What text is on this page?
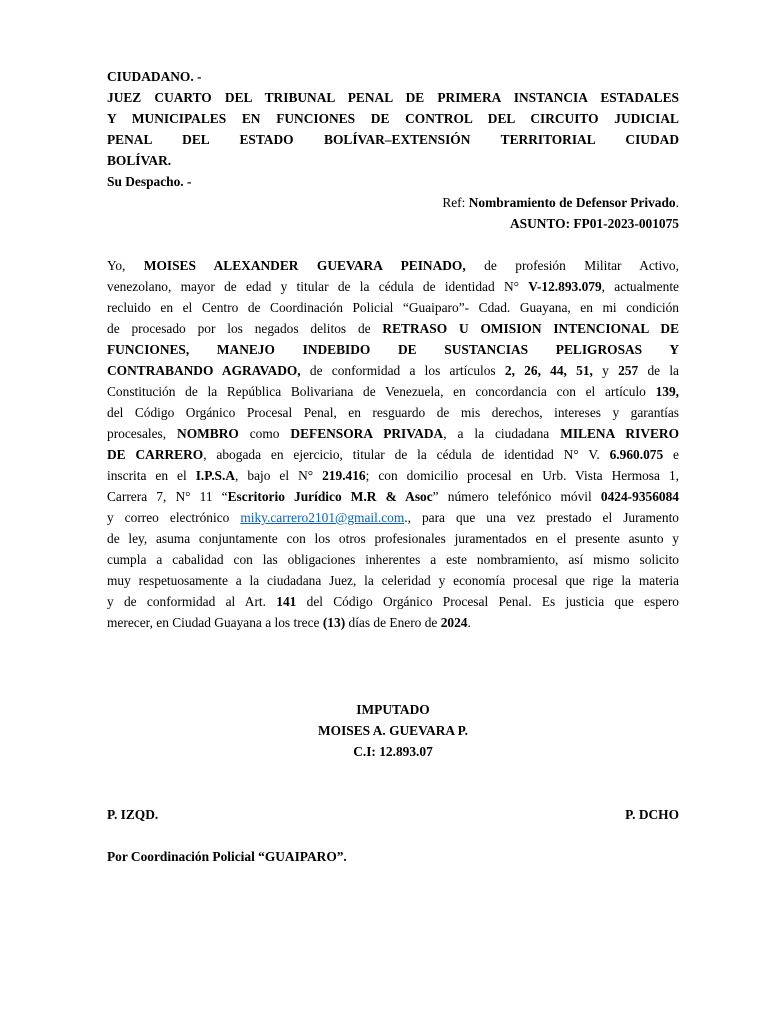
CIUDADANO. -

JUEZ CUARTO DEL TRIBUNAL PENAL DE PRIMERA INSTANCIA ESTADALES

Y MUNICIPALES EN FUNCIONES DE CONTROL DEL CIRCUITO JUDICIAL

PENAL DEL ESTADO BOLÍVAR–EXTENSIÓN TERRITORIAL CIUDAD

BOLÍVAR.

Su Despacho. -

Ref: Nombramiento de Defensor Privado.

ASUNTO: FP01-2023-001075

Yo, MOISES ALEXANDER GUEVARA PEINADO, de profesión Militar Activo,
venezolano, mayor de edad y titular de la cédula de identidad N° V-12.893.079, actualmente
recluido en el Centro de Coordinación Policial “Guaiparo”- Cdad. Guayana, en mi condición
de procesado por los negados delitos de RETRASO U OMISION INTENCIONAL DE
FUNCIONES, MANEJO INDEBIDO DE SUSTANCIAS PELIGROSAS Y
CONTRABANDO AGRAVADO, de conformidad a los artículos 2, 26, 44, 51, y 257 de la
Constitución de la República Bolivariana de Venezuela, en concordancia con el artículo 139,
del Código Orgánico Procesal Penal, en resguardo de mis derechos, intereses y garantías
procesales, NOMBRO como DEFENSORA PRIVADA, a la ciudadana MILENA RIVERO
DE CARRERO, abogada en ejercicio, titular de la cédula de identidad N° V. 6.960.075 e
inscrita en el I.P.S.A, bajo el N° 219.416; con domicilio procesal en Urb. Vista Hermosa 1,
Carrera 7, N° 11 “Escritorio Jurídico M.R & Asoc” número telefónico móvil 0424-9356084
y correo electrónico miky.carrero2101@gmail.com., para que una vez prestado el Juramento
de ley, asuma conjuntamente con los otros profesionales juramentados en el presente asunto y
cumpla a cabalidad con las obligaciones inherentes a este nombramiento, así mismo solicito
muy respetuosamente a la ciudadana Juez, la celeridad y economía procesal que rige la materia
y de conformidad al Art. 141 del Código Orgánico Procesal Penal. Es justicia que espero
merecer, en Ciudad Guayana a los trece (13) días de Enero de 2024.

IMPUTADO

MOISES A. GUEVARA P.

C.I: 12.893.07

P. IZQD.	P. DCHO
Por Coordinación Policial “GUAIPARO”.
